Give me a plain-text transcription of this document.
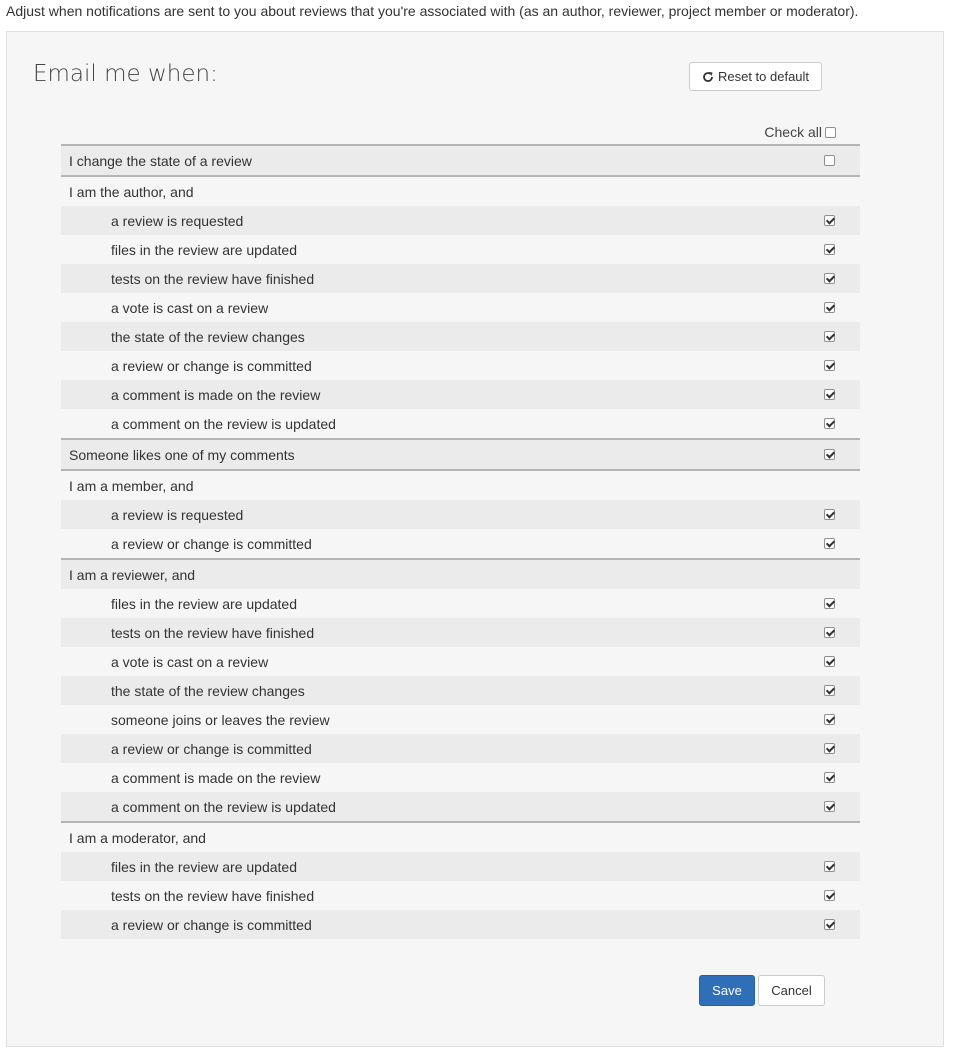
Adjust when notifications are sent to you about reviews that you're associated with (as an author, reviewer, project member or moderator).
Email me when:	Reset to default
Check all
I change the state of a review
I am the author, and
a review is requested
files in the review are updated
tests on the review have finished
a vote is cast on a review
the state of the review changes
a review or change is committed
a comment is made on the review
a comment on the review is updated
Someone likes one of my comments
I am a member, and
a review is requested
a review or change is committed
I am a reviewer, and
files in the review are updated
tests on the review have finished
a vote is cast on a review
the state of the review changes
someone joins or leaves the review
a review or change is committed
a comment is made on the review
a comment on the review is updated
I am a moderator, and
files in the review are updated
tests on the review have finished
a review or change is committed
Save	Cancel
